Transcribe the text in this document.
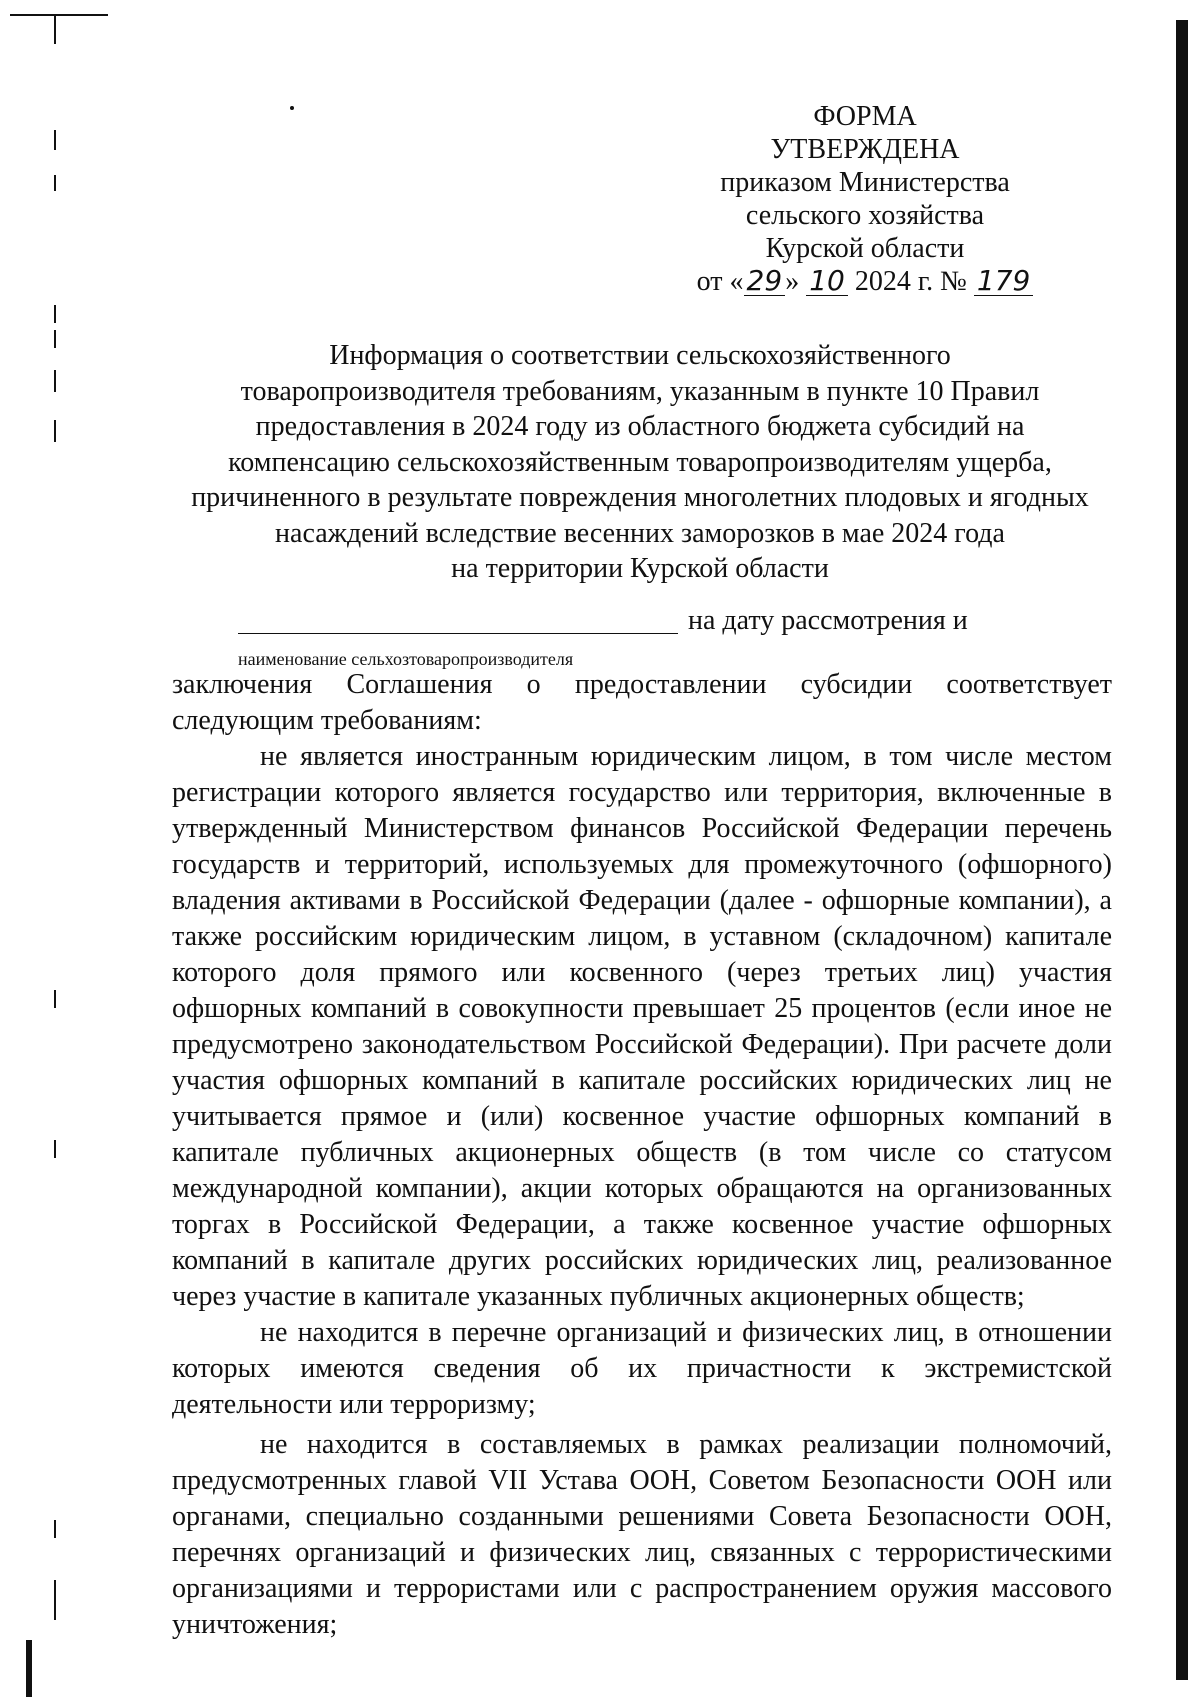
ФОРМА
УТВЕРЖДЕНА
приказом Министерства
сельского хозяйства
Курской области
от « 29 » 10 2024 г. № 179
Информация о соответствии сельскохозяйственного
товаропроизводителя требованиям, указанным в пункте 10 Правил
предоставления в 2024 году из областного бюджета субсидий на
компенсацию сельскохозяйственным товаропроизводителям ущерба,
причиненного в результате повреждения многолетних плодовых и ягодных
насаждений вследствие весенних заморозков в мае 2024 года
на территории Курской области
на дату рассмотрения и
наименование сельхозтоваропроизводителя

заключения Соглашения о предоставлении субсидии соответствует следующим требованиям:

не является иностранным юридическим лицом, в том числе местом регистрации которого является государство или территория, включенные в утвержденный Министерством финансов Российской Федерации перечень государств и территорий, используемых для промежуточного (офшорного) владения активами в Российской Федерации (далее - офшорные компании), а также российским юридическим лицом, в уставном (складочном) капитале которого доля прямого или косвенного (через третьих лиц) участия офшорных компаний в совокупности превышает 25 процентов (если иное не предусмотрено законодательством Российской Федерации). При расчете доли участия офшорных компаний в капитале российских юридических лиц не учитывается прямое и (или) косвенное участие офшорных компаний в капитале публичных акционерных обществ (в том числе со статусом международной компании), акции которых обращаются на организованных торгах в Российской Федерации, а также косвенное участие офшорных компаний в капитале других российских юридических лиц, реализованное через участие в капитале указанных публичных акционерных обществ;

не находится в перечне организаций и физических лиц, в отношении которых имеются сведения об их причастности к экстремистской деятельности или терроризму;

не находится в составляемых в рамках реализации полномочий, предусмотренных главой VII Устава ООН, Советом Безопасности ООН или органами, специально созданными решениями Совета Безопасности ООН, перечнях организаций и физических лиц, связанных с террористическими организациями и террористами или с распространением оружия массового уничтожения;
